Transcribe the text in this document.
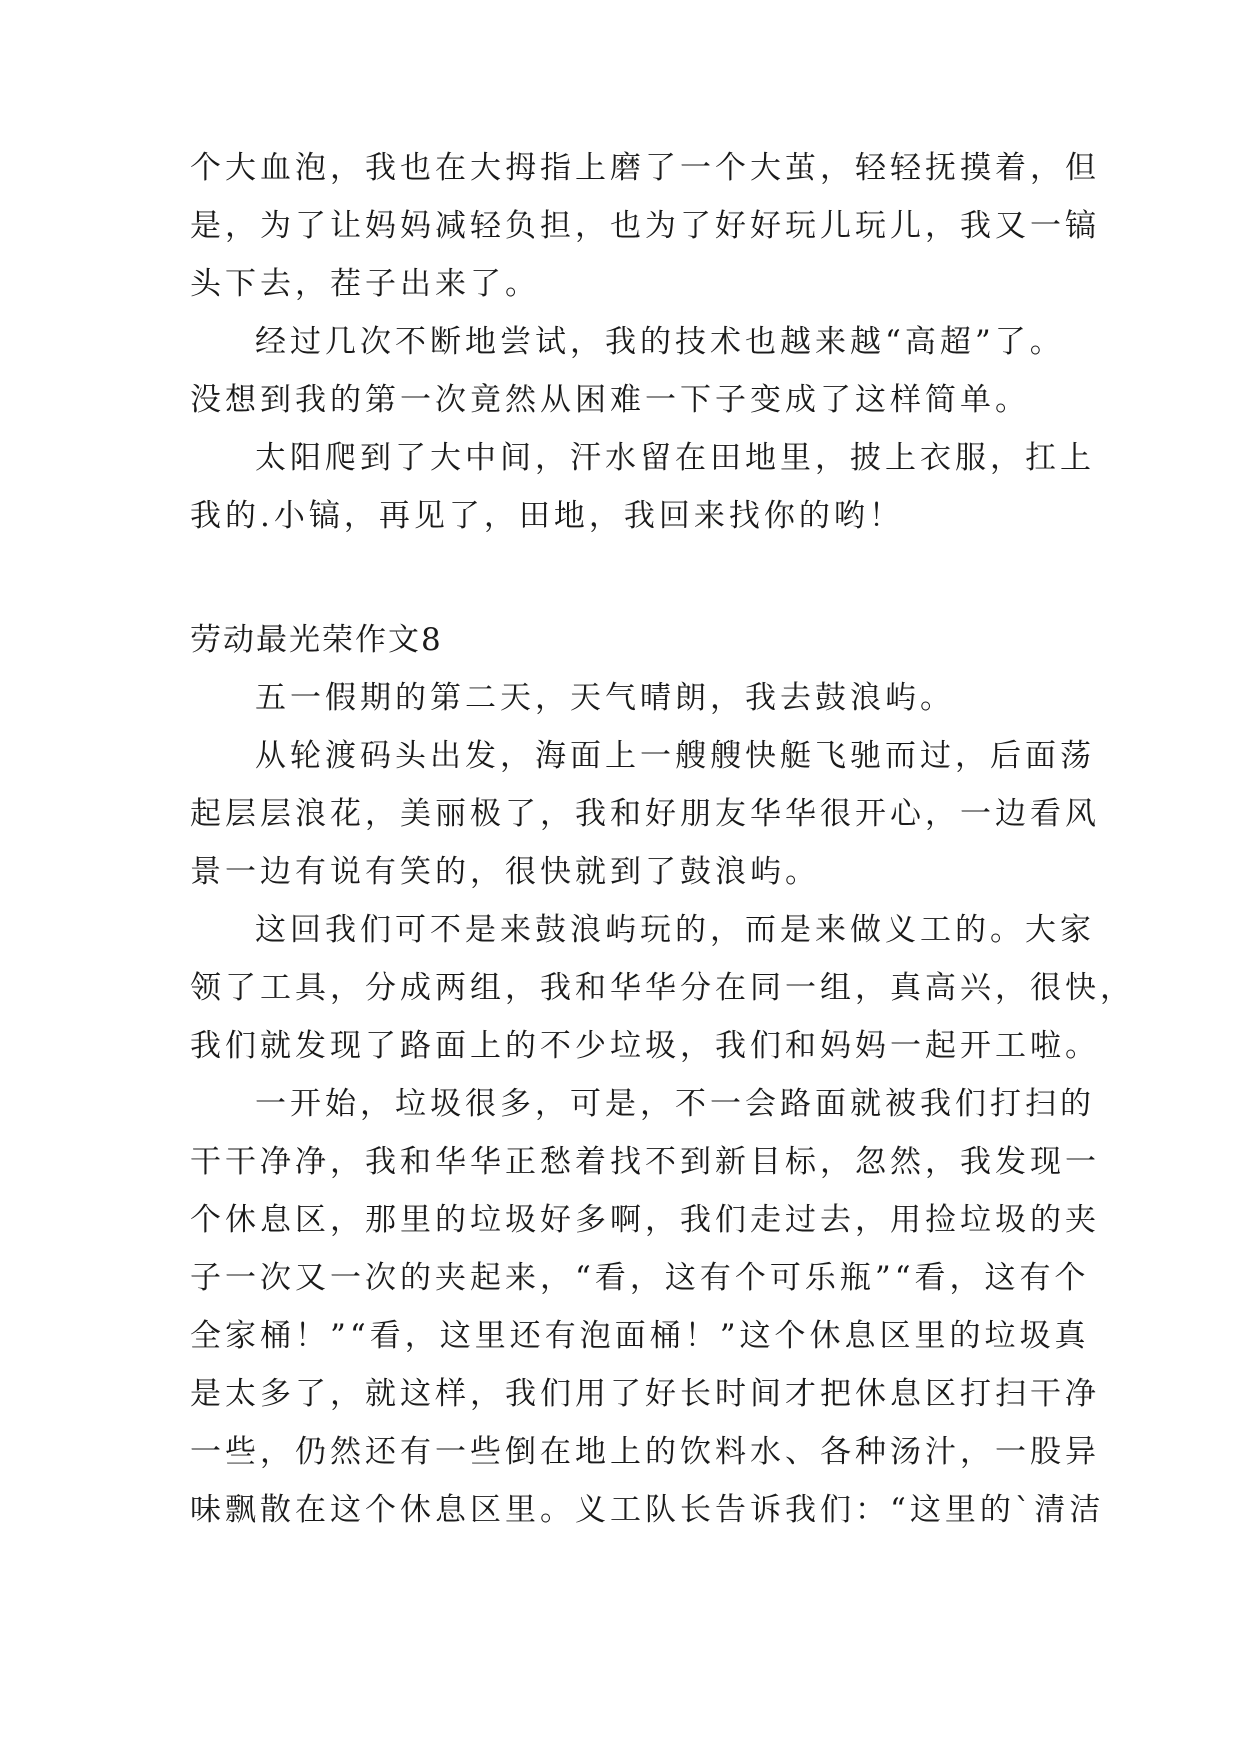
个大血泡，我也在大拇指上磨了一个大茧，轻轻抚摸着，但
是，为了让妈妈减轻负担，也为了好好玩儿玩儿，我又一镐
头下去，茬子出来了。
经过几次不断地尝试，我的技术也越来越“高超”了。
没想到我的第一次竟然从困难一下子变成了这样简单。
太阳爬到了大中间，汗水留在田地里，披上衣服，扛上
我的.小镐，再见了，田地，我回来找你的哟！
劳动最光荣作文8
五一假期的第二天，天气晴朗，我去鼓浪屿。
从轮渡码头出发，海面上一艘艘快艇飞驰而过，后面荡
起层层浪花，美丽极了，我和好朋友华华很开心，一边看风
景一边有说有笑的，很快就到了鼓浪屿。
这回我们可不是来鼓浪屿玩的，而是来做义工的。大家
领了工具，分成两组，我和华华分在同一组，真高兴，很快，
我们就发现了路面上的不少垃圾，我们和妈妈一起开工啦。
一开始，垃圾很多，可是，不一会路面就被我们打扫的
干干净净，我和华华正愁着找不到新目标，忽然，我发现一
个休息区，那里的垃圾好多啊，我们走过去，用捡垃圾的夹
子一次又一次的夹起来，“看，这有个可乐瓶”“看，这有个
全家桶！”“看，这里还有泡面桶！”这个休息区里的垃圾真
是太多了，就这样，我们用了好长时间才把休息区打扫干净
一些，仍然还有一些倒在地上的饮料水、各种汤汁，一股异
味飘散在这个休息区里。义工队长告诉我们：“这里的`清洁
